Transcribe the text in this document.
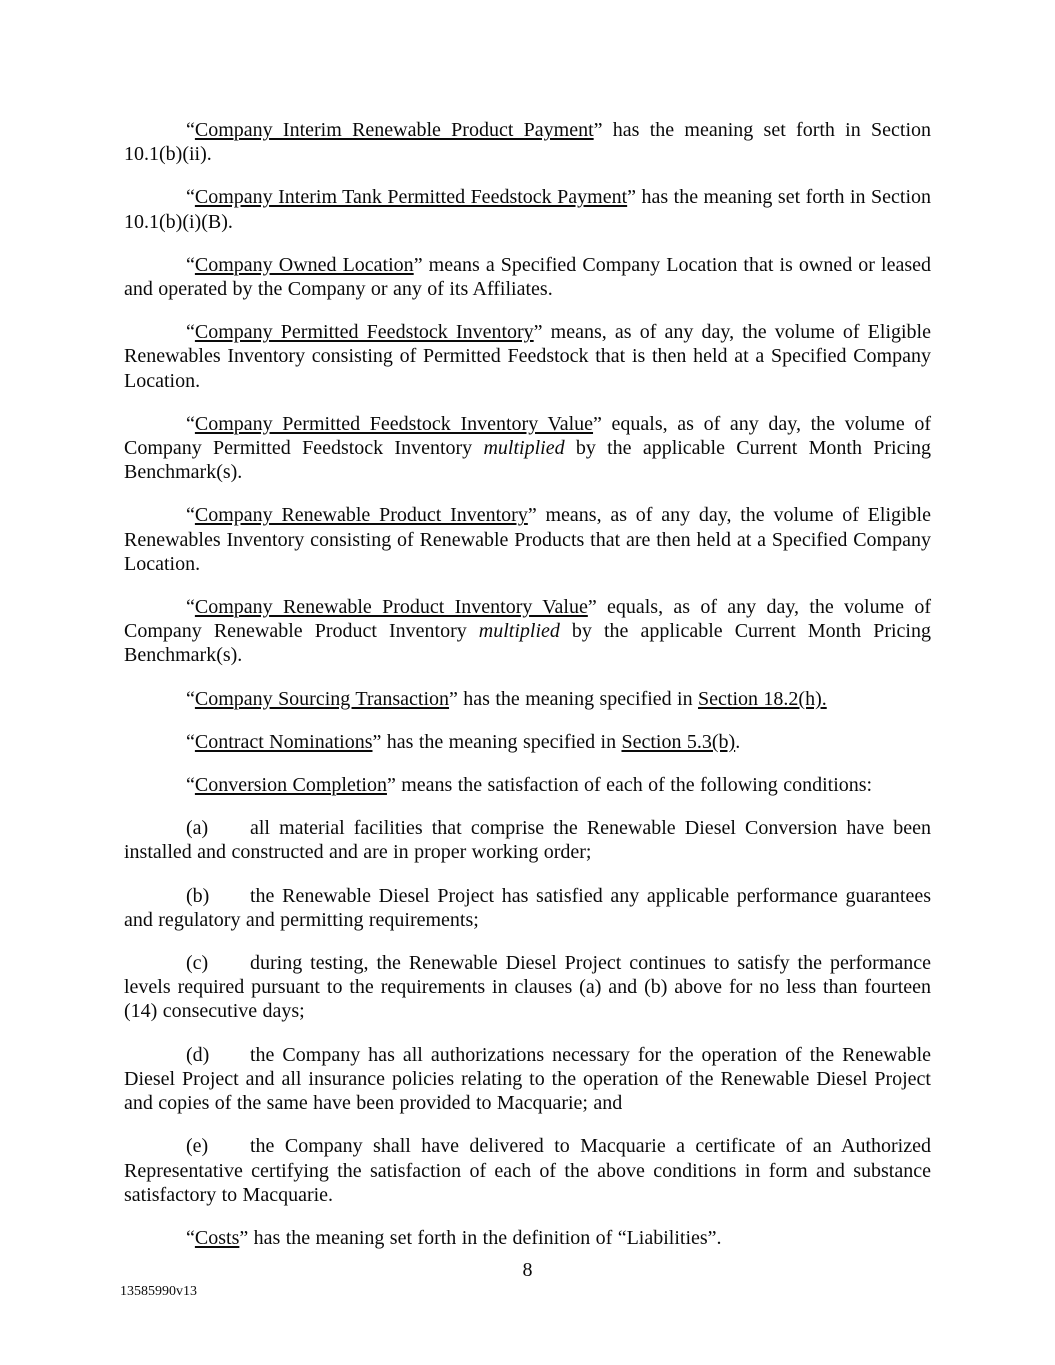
“Company Interim Renewable Product Payment” has the meaning set forth in Section 10.1(b)(ii).

“Company Interim Tank Permitted Feedstock Payment” has the meaning set forth in Section 10.1(b)(i)(B).

“Company Owned Location” means a Specified Company Location that is owned or leased and operated by the Company or any of its Affiliates.

“Company Permitted Feedstock Inventory” means, as of any day, the volume of Eligible Renewables Inventory consisting of Permitted Feedstock that is then held at a Specified Company Location.

“Company Permitted Feedstock Inventory Value” equals, as of any day, the volume of Company Permitted Feedstock Inventory multiplied by the applicable Current Month Pricing Benchmark(s).

“Company Renewable Product Inventory” means, as of any day, the volume of Eligible Renewables Inventory consisting of Renewable Products that are then held at a Specified Company Location.

“Company Renewable Product Inventory Value” equals, as of any day, the volume of Company Renewable Product Inventory multiplied by the applicable Current Month Pricing Benchmark(s).

“Company Sourcing Transaction” has the meaning specified in Section 18.2(h).

“Contract Nominations” has the meaning specified in Section 5.3(b).

“Conversion Completion” means the satisfaction of each of the following conditions:

(a) all material facilities that comprise the Renewable Diesel Conversion have been installed and constructed and are in proper working order;

(b) the Renewable Diesel Project has satisfied any applicable performance guarantees and regulatory and permitting requirements;

(c) during testing, the Renewable Diesel Project continues to satisfy the performance levels required pursuant to the requirements in clauses (a) and (b) above for no less than fourteen (14) consecutive days;

(d) the Company has all authorizations necessary for the operation of the Renewable Diesel Project and all insurance policies relating to the operation of the Renewable Diesel Project and copies of the same have been provided to Macquarie; and

(e) the Company shall have delivered to Macquarie a certificate of an Authorized Representative certifying the satisfaction of each of the above conditions in form and substance satisfactory to Macquarie.

“Costs” has the meaning set forth in the definition of “Liabilities”.

8
13585990v13
